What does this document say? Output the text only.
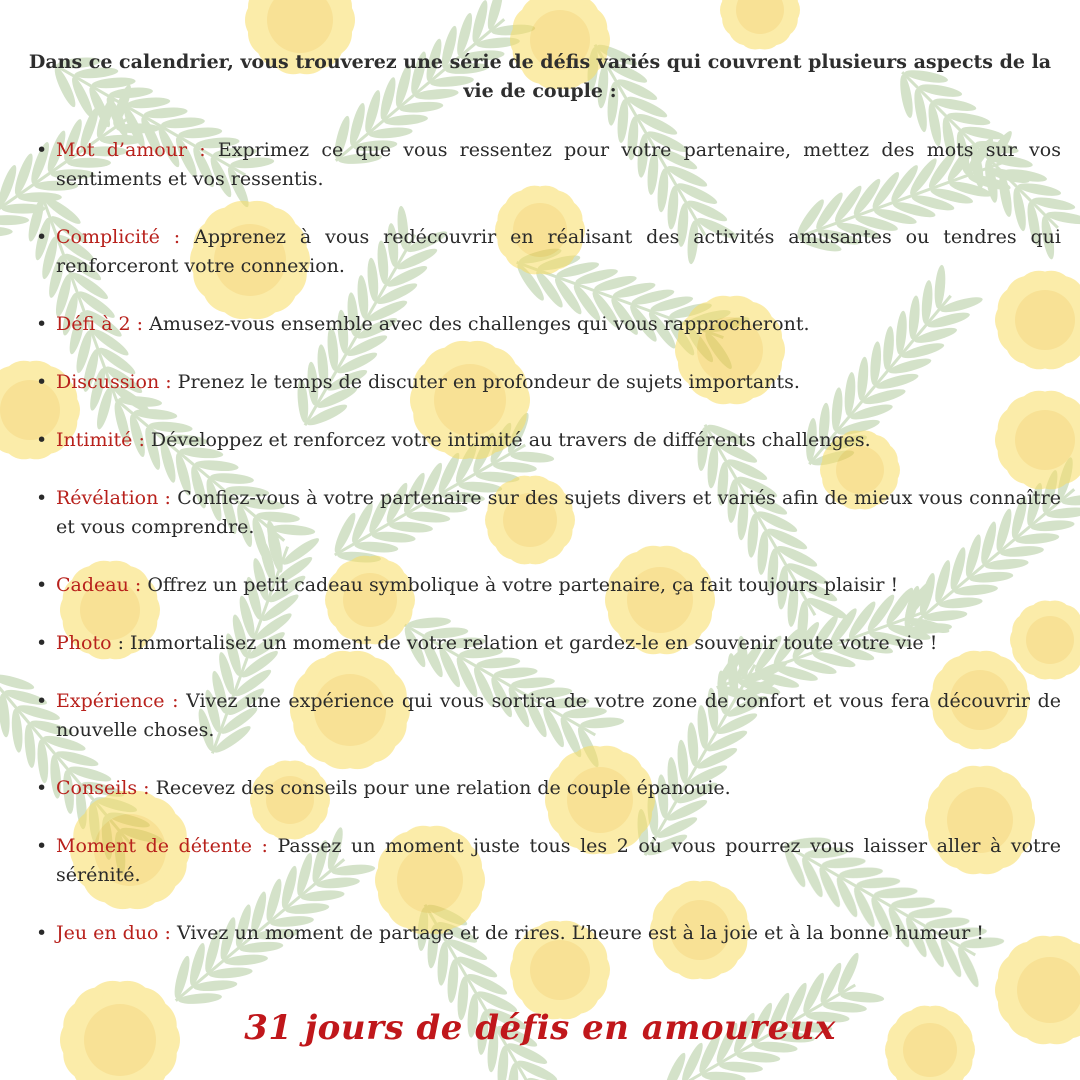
Dans ce calendrier, vous trouverez une série de défis variés qui couvrent plusieurs aspects de la vie de couple :
• Mot d’amour : Exprimez ce que vous ressentez pour votre partenaire, mettez des mots sur vos sentiments et vos ressentis.
• Complicité : Apprenez à vous redécouvrir en réalisant des activités amusantes ou tendres qui renforceront votre connexion.
• Défi à 2 : Amusez-vous ensemble avec des challenges qui vous rapprocheront.
• Discussion : Prenez le temps de discuter en profondeur de sujets importants.
• Intimité : Développez et renforcez votre intimité au travers de différents challenges.
• Révélation : Confiez-vous à votre partenaire sur des sujets divers et variés afin de mieux vous connaître et vous comprendre.
• Cadeau : Offrez un petit cadeau symbolique à votre partenaire, ça fait toujours plaisir !
• Photo : Immortalisez un moment de votre relation et gardez-le en souvenir toute votre vie !
• Expérience : Vivez une expérience qui vous sortira de votre zone de confort et vous fera découvrir de nouvelle choses.
• Conseils : Recevez des conseils pour une relation de couple épanouie.
• Moment de détente : Passez un moment juste tous les 2 où vous pourrez vous laisser aller à votre sérénité.
• Jeu en duo : Vivez un moment de partage et de rires. L’heure est à la joie et à la bonne humeur !
31 jours de défis en amoureux
